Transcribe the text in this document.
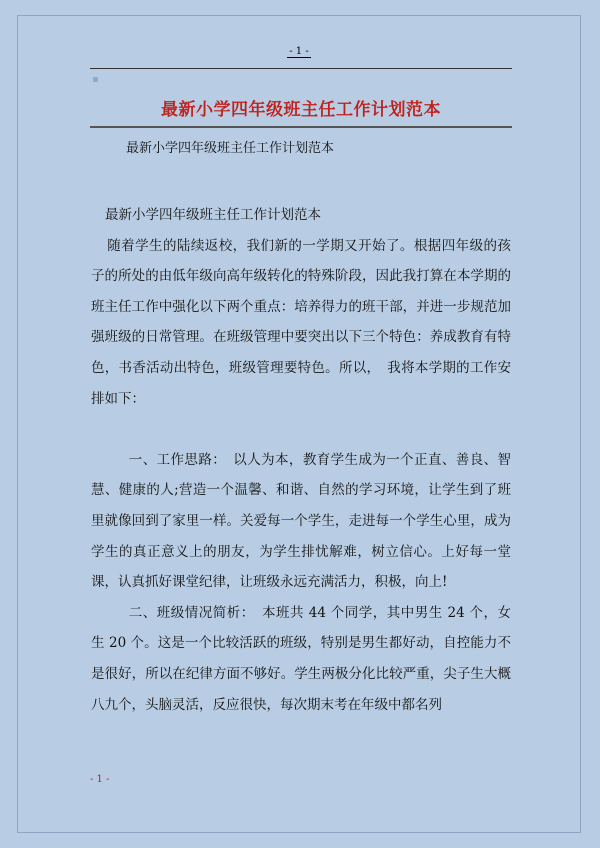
- 1 -
最新小学四年级班主任工作计划范本
最新小学四年级班主任工作计划范本

最新小学四年级班主任工作计划范本

随着学生的陆续返校，我们新的一学期又开始了。根据四年级的孩子的所处的由低年级向高年级转化的特殊阶段，因此我打算在本学期的班主任工作中强化以下两个重点：培养得力的班干部，并进一步规范加强班级的日常管理。在班级管理中要突出以下三个特色：养成教育有特色，书香活动出特色，班级管理要特色。所以，　我将本学期的工作安排如下：

一、工作思路：　以人为本，教育学生成为一个正直、善良、智慧、健康的人;营造一个温馨、和谐、自然的学习环境，让学生到了班里就像回到了家里一样。关爱每一个学生，走进每一个学生心里，成为学生的真正意义上的朋友，为学生排忧解难，树立信心。上好每一堂课，认真抓好课堂纪律，让班级永远充满活力，积极，向上!

二、班级情况简析：　本班共 44 个同学，其中男生 24 个，女生 20 个。这是一个比较活跃的班级，特别是男生都好动，自控能力不是很好，所以在纪律方面不够好。学生两极分化比较严重，尖子生大概八九个，头脑灵活，反应很快，每次期末考在年级中都名列

- 1 -
